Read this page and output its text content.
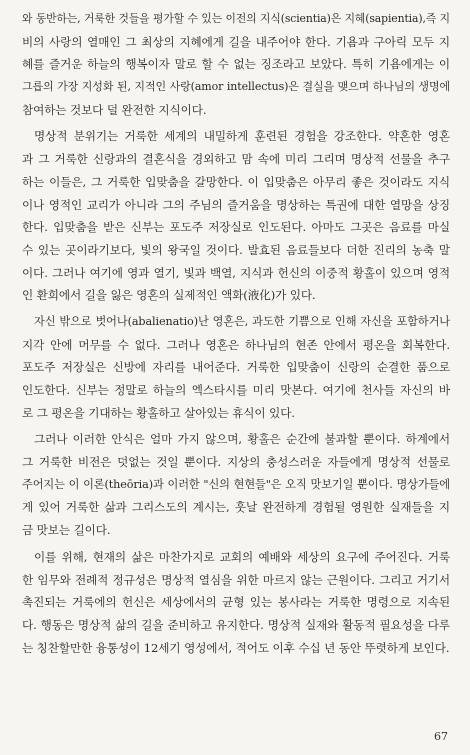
와 동반하는, 거룩한 것들을 평가할 수 있는 이전의 지식(scientia)은 지혜(sapientia),즉 지
비의 사랑의 열매인 그 최상의 지혜에게 길을 내주어야 한다. 기욤과 구아릭 모두 지
혜를 즐거운 하늘의 행복이자 말로 할 수 없는 징조라고 보았다. 특히 기욤에게는 이
그릅의 가장 지성화 된, 지적인 사랑(amor intellectus)은 결실을 맺으며 하나님의 생명에
참여하는 것보다 덜 완전한 지식이다.
명상적 분위기는 거룩한 세계의 내밀하게 훈련된 경험을 강조한다. 약혼한 영혼
과 그 거룩한 신랑과의 결혼식을 경외하고 맘 속에 미리 그리며 명상적 선물을 추구
하는 이들은, 그 거룩한 입맞춤을 갈망한다. 이 입맞춤은 아무리 좋은 것이라도 지식
이나 영적인 교리가 아니라 그의 주님의 즐거움을 명상하는 특권에 대한 열망을 상징
한다. 입맞춤을 받은 신부는 포도주 저장실로 인도된다. 아마도 그곳은 음료를 마실
수 있는 곳이라기보다, 빛의 왕국일 것이다. 발효된 음료들보다 더한 진리의 농축 말
이다. 그러나 여기에 영과 열기, 빛과 백열, 지식과 헌신의 이중적 황홀이 있으며 영적
인 환희에서 길을 잃은 영혼의 실제적인 액화(液化)가 있다.
자신 밖으로 벗어나(abalienatio)난 영혼은, 과도한 기쁨으로 인해 자신을 포함하거나
지각 안에 머무를 수 없다. 그러나 영혼은 하나님의 현존 안에서 평온을 회복한다.
포도주 저장실은 신방에 자리를 내어준다. 거룩한 입맞춤이 신랑의 순결한 품으로
인도한다. 신부는 정말로 하늘의 엑스타시를 미리 맛본다. 여기에 천사들 자신의 바
로 그 평온을 기대하는 황홀하고 살아있는 휴식이 있다.
그러나 이러한 안식은 얼마 가지 않으며, 황홀은 순간에 불과할 뿐이다. 하계에서
그 거룩한 비전은 덧없는 것일 뿐이다. 지상의 충성스러운 자들에게 명상적 선물로
주어지는 이 이론(theōria)과 이러한 "신의 현현들"은 오직 맛보기일 뿐이다. 명상가들에
게 있어 거룩한 삶과 그리스도의 계시는, 훗날 완전하게 경험될 영원한 실재들을 지
금 맛보는 길이다.
이를 위해, 현재의 삶은 마찬가지로 교회의 예배와 세상의 요구에 주어진다. 거룩
한 임무와 전례적 정규성은 명상적 열심을 위한 마르지 않는 근원이다. 그리고 거기서
촉진되는 거룩에의 헌신은 세상에서의 균형 있는 봉사라는 거룩한 명령으로 지속된
다. 행동은 명상적 삶의 길을 준비하고 유지한다. 명상적 실재와 활동적 필요성을 다루
는 칭찬할만한 융통성이 12세기 영성에서, 적어도 이후 수십 년 동안 뚜렷하게 보인다.
67
